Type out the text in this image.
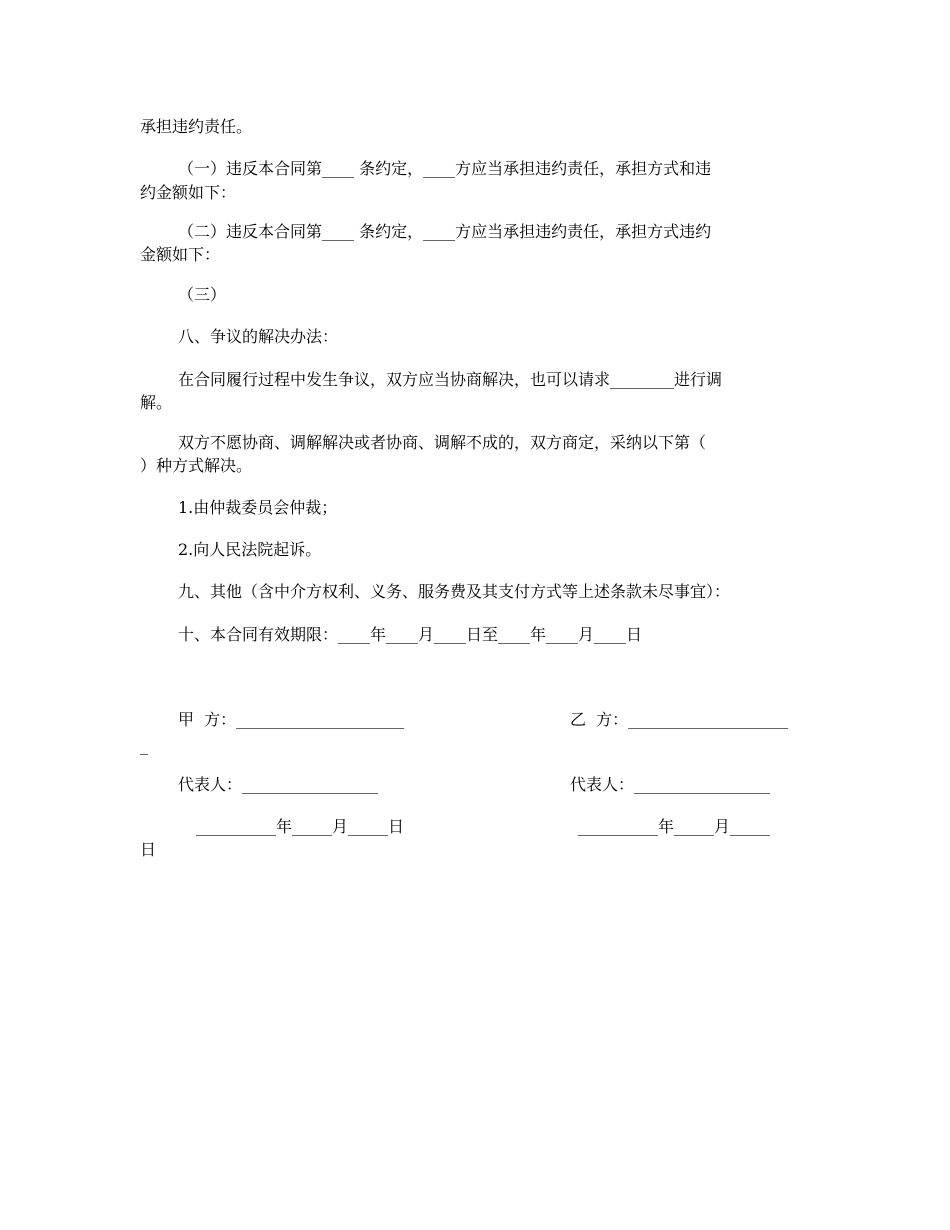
承担违约责任。
（一）违反本合同第____ 条约定，____方应当承担违约责任，承担方式和违
约金额如下：
（二）违反本合同第____ 条约定，____方应当承担违约责任，承担方式违约
金额如下：
（三）
八、争议的解决办法：
在合同履行过程中发生争议，双方应当协商解决，也可以请求________进行调
解。
双方不愿协商、调解解决或者协商、调解不成的，双方商定，采纳以下第（
）种方式解决。
1.由仲裁委员会仲裁；
2.向人民法院起诉。
九、其他（含中介方权利、义务、服务费及其支付方式等上述条款未尽事宜）：
十、本合同有效期限：____年____月____日至____年____月____日
甲  方：_____________________	乙  方：____________________
_
代表人：_________________	代表人：_________________
__________年_____月_____日	__________年_____月_____
日
